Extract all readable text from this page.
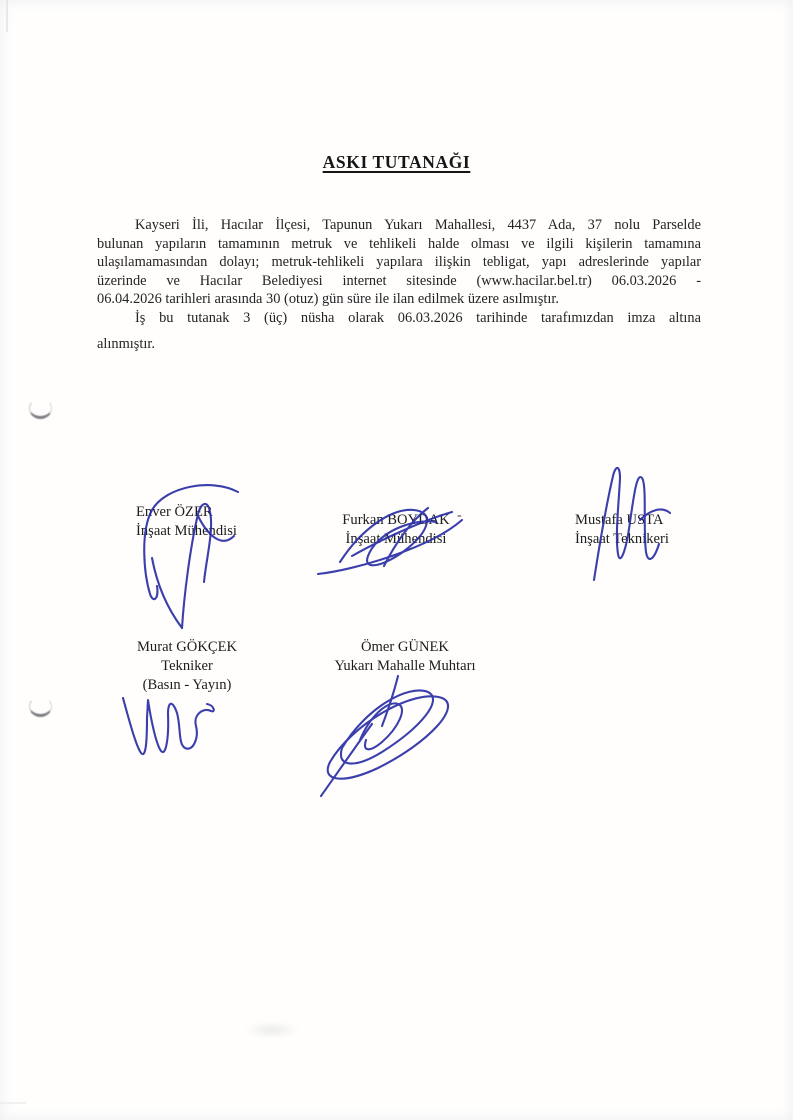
ASKI TUTANAĞI
Kayseri İli, Hacılar İlçesi, Tapunun Yukarı Mahallesi, 4437 Ada, 37 nolu Parselde
bulunan yapıların tamamının metruk ve tehlikeli halde olması ve ilgili kişilerin tamamına
ulaşılamamasından dolayı; metruk-tehlikeli yapılara ilişkin tebligat, yapı adreslerinde yapılar
üzerinde ve Hacılar Belediyesi internet sitesinde (www.hacilar.bel.tr) 06.03.2026 -
06.04.2026 tarihleri arasında 30 (otuz) gün süre ile ilan edilmek üzere asılmıştır.
İş bu tutanak 3 (üç) nüsha olarak 06.03.2026 tarihinde tarafımızdan imza altına
alınmıştır.
Enver ÖZER
İnşaat Mühendisi
Furkan BOYDAK
İnşaat Mühendisi
-	Mustafa USTA
İnşaat Teknikeri
Murat GÖKÇEK
Tekniker
(Basın - Yayın)
Ömer GÜNEK
Yukarı Mahalle Muhtarı
